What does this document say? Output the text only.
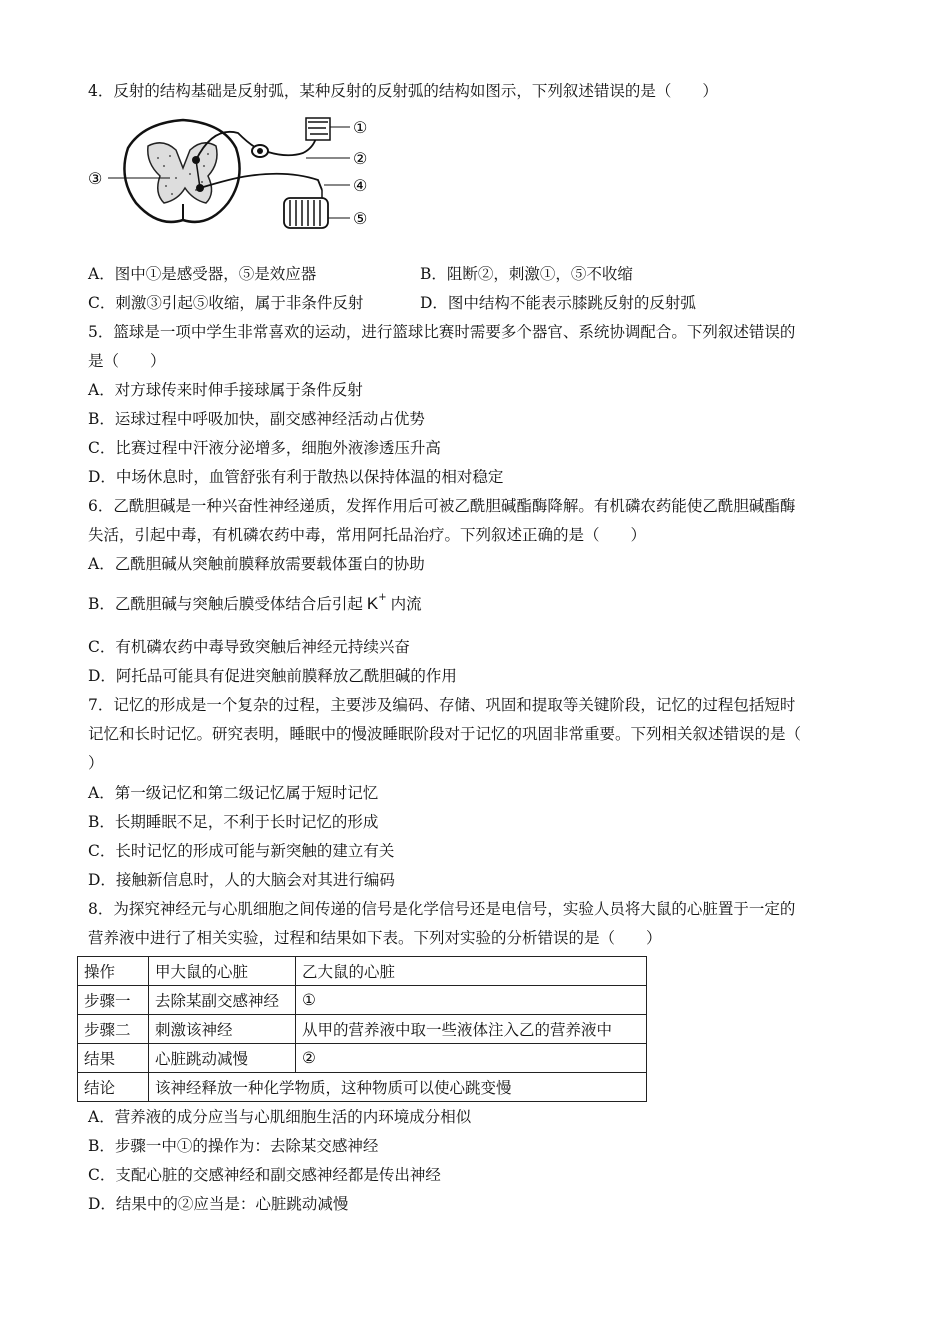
4．反射的结构基础是反射弧，某种反射的反射弧的结构如图示，下列叙述错误的是（　　）
①
②
③	④
⑤
A．图中①是感受器，⑤是效应器	B．阻断②，刺激①，⑤不收缩
C．刺激③引起⑤收缩，属于非条件反射	D．图中结构不能表示膝跳反射的反射弧
5．篮球是一项中学生非常喜欢的运动，进行篮球比赛时需要多个器官、系统协调配合。下列叙述错误的
是（　　）
A．对方球传来时伸手接球属于条件反射
B．运球过程中呼吸加快，副交感神经活动占优势
C．比赛过程中汗液分泌增多，细胞外液渗透压升高
D．中场休息时，血管舒张有利于散热以保持体温的相对稳定
6．乙酰胆碱是一种兴奋性神经递质，发挥作用后可被乙酰胆碱酯酶降解。有机磷农药能使乙酰胆碱酯酶
失活，引起中毒，有机磷农药中毒，常用阿托品治疗。下列叙述正确的是（　　）
A．乙酰胆碱从突触前膜释放需要载体蛋白的协助
B．乙酰胆碱与突触后膜受体结合后引起 K+ 内流
C．有机磷农药中毒导致突触后神经元持续兴奋
D．阿托品可能具有促进突触前膜释放乙酰胆碱的作用
7．记忆的形成是一个复杂的过程，主要涉及编码、存储、巩固和提取等关键阶段，记忆的过程包括短时
记忆和长时记忆。研究表明，睡眠中的慢波睡眠阶段对于记忆的巩固非常重要。下列相关叙述错误的是（
）
A．第一级记忆和第二级记忆属于短时记忆
B．长期睡眠不足，不利于长时记忆的形成
C．长时记忆的形成可能与新突触的建立有关
D．接触新信息时，人的大脑会对其进行编码
8．为探究神经元与心肌细胞之间传递的信号是化学信号还是电信号，实验人员将大鼠的心脏置于一定的
营养液中进行了相关实验，过程和结果如下表。下列对实验的分析错误的是（　　）
操作	甲大鼠的心脏	乙大鼠的心脏
步骤一	去除某副交感神经	①
步骤二	刺激该神经	从甲的营养液中取一些液体注入乙的营养液中
结果	心脏跳动减慢	②
结论	该神经释放一种化学物质，这种物质可以使心跳变慢	
A．营养液的成分应当与心肌细胞生活的内环境成分相似
B．步骤一中①的操作为：去除某交感神经
C．支配心脏的交感神经和副交感神经都是传出神经
D．结果中的②应当是：心脏跳动减慢
